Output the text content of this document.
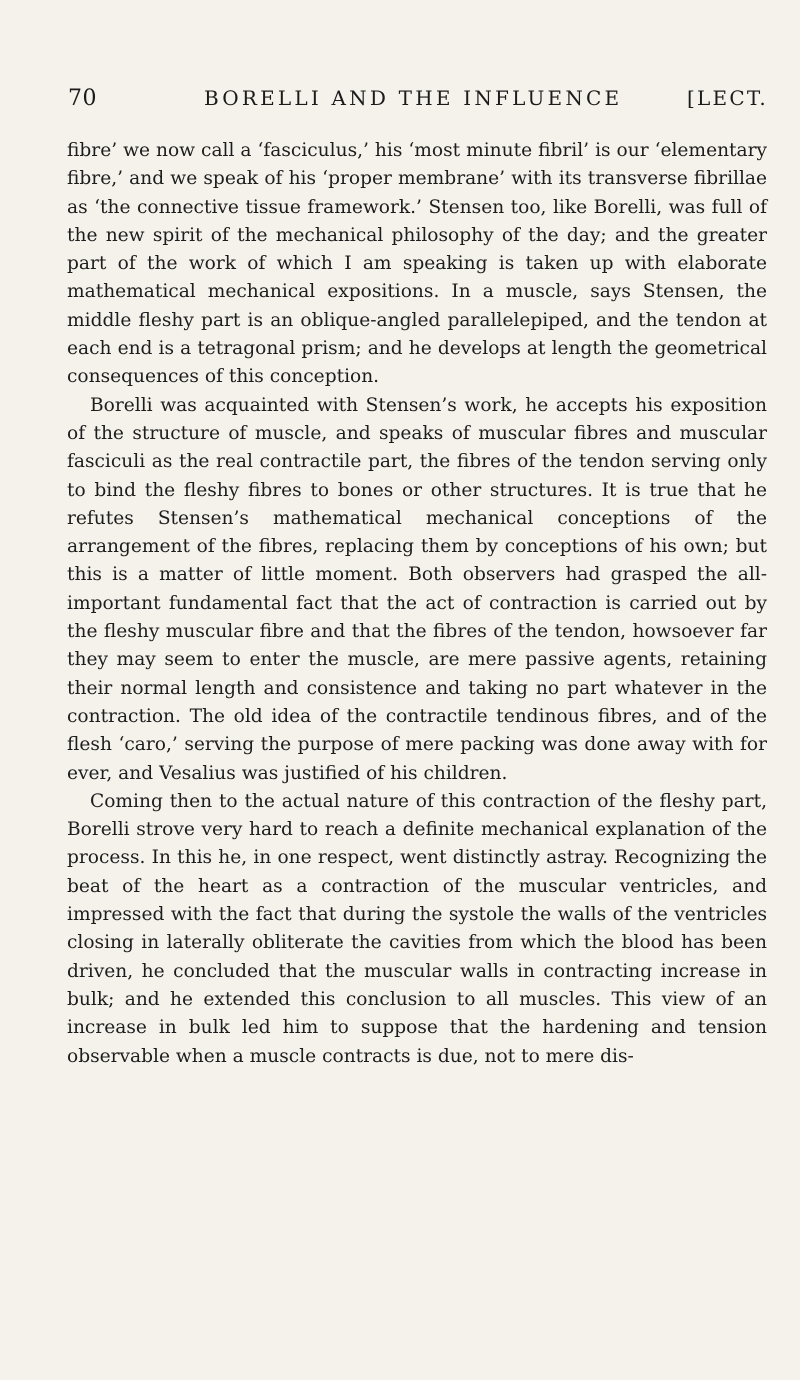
70	BORELLI AND THE INFLUENCE	[LECT.

fibre’ we now call a ‘fasciculus,’ his ‘most minute fibril’ is our ‘elementary fibre,’ and we speak of his ‘proper membrane’ with its transverse fibrillae as ‘the connective tissue framework.’ Stensen too, like Borelli, was full of the new spirit of the mechanical philosophy of the day; and the greater part of the work of which I am speaking is taken up with elaborate mathematical mechanical expositions. In a muscle, says Stensen, the middle fleshy part is an oblique-angled parallelepiped, and the tendon at each end is a tetragonal prism; and he develops at length the geometrical consequences of this conception.

Borelli was acquainted with Stensen’s work, he accepts his exposition of the structure of muscle, and speaks of muscular fibres and muscular fasciculi as the real contractile part, the fibres of the tendon serving only to bind the fleshy fibres to bones or other structures. It is true that he refutes Stensen’s mathematical mechanical conceptions of the arrangement of the fibres, replacing them by conceptions of his own; but this is a matter of little moment. Both observers had grasped the all-important fundamental fact that the act of contraction is carried out by the fleshy muscular fibre and that the fibres of the tendon, howsoever far they may seem to enter the muscle, are mere passive agents, retaining their normal length and consistence and taking no part whatever in the contraction. The old idea of the contractile tendinous fibres, and of the flesh ‘caro,’ serving the purpose of mere packing was done away with for ever, and Vesalius was justified of his children.

Coming then to the actual nature of this contraction of the fleshy part, Borelli strove very hard to reach a definite mechanical explanation of the process. In this he, in one respect, went distinctly astray. Recognizing the beat of the heart as a contraction of the muscular ventricles, and impressed with the fact that during the systole the walls of the ventricles closing in laterally obliterate the cavities from which the blood has been driven, he concluded that the muscular walls in contracting increase in bulk; and he extended this conclusion to all muscles. This view of an increase in bulk led him to suppose that the hardening and tension observable when a muscle contracts is due, not to mere dis-
